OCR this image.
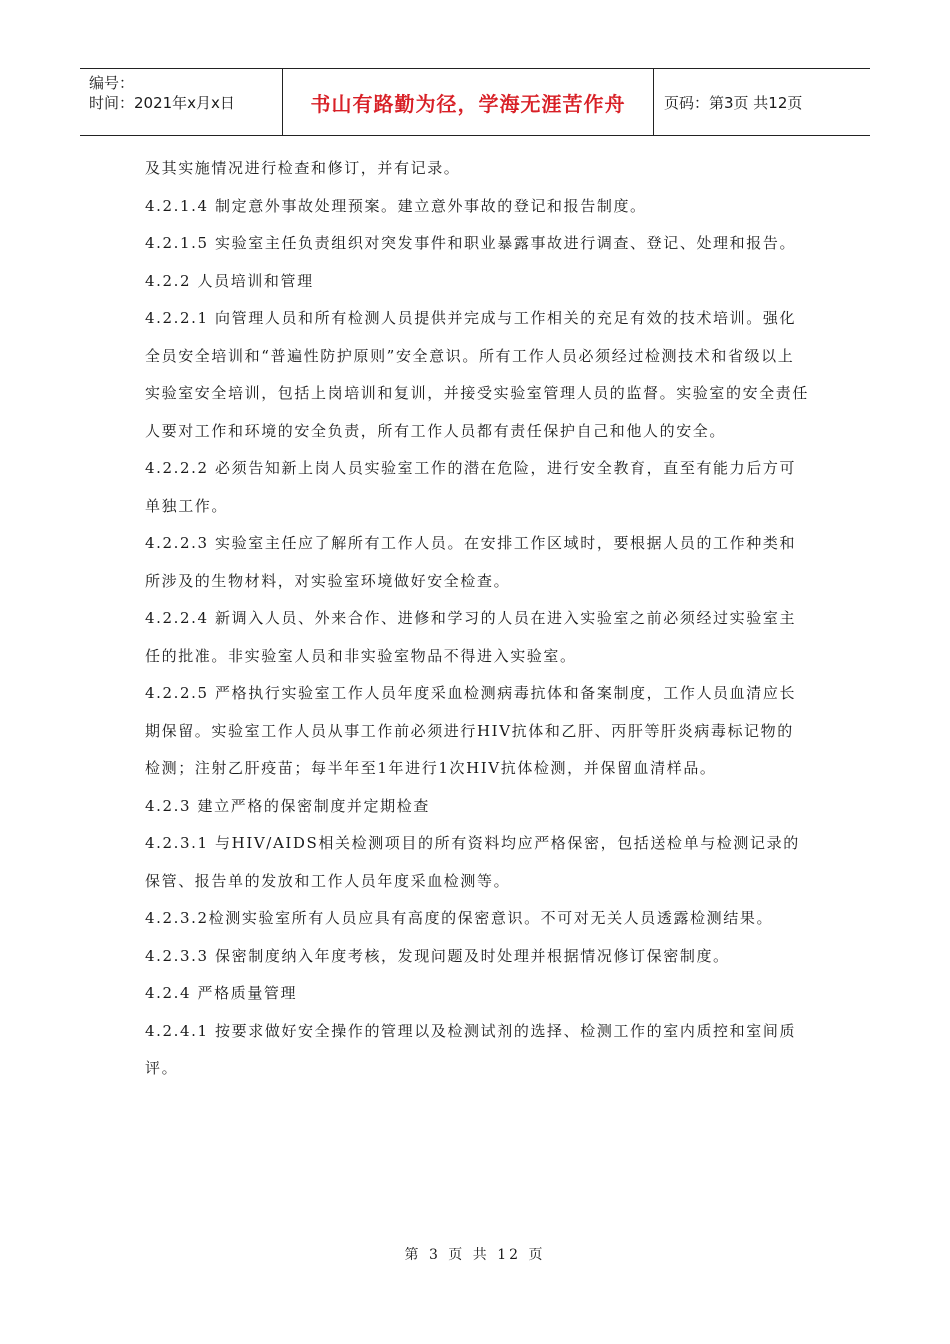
编号：
时间：2021年x月x日	书山有路勤为径，学海无涯苦作舟	页码：第3页 共12页

及其实施情况进行检查和修订，并有记录。

4.2.1.4 制定意外事故处理预案。建立意外事故的登记和报告制度。

4.2.1.5 实验室主任负责组织对突发事件和职业暴露事故进行调查、登记、处理和报告。

4.2.2 人员培训和管理

4.2.2.1 向管理人员和所有检测人员提供并完成与工作相关的充足有效的技术培训。强化全员安全培训和“普遍性防护原则”安全意识。所有工作人员必须经过检测技术和省级以上实验室安全培训，包括上岗培训和复训，并接受实验室管理人员的监督。实验室的安全责任人要对工作和环境的安全负责，所有工作人员都有责任保护自己和他人的安全。

4.2.2.2 必须告知新上岗人员实验室工作的潜在危险，进行安全教育，直至有能力后方可单独工作。

4.2.2.3 实验室主任应了解所有工作人员。在安排工作区域时，要根据人员的工作种类和所涉及的生物材料，对实验室环境做好安全检查。

4.2.2.4 新调入人员、外来合作、进修和学习的人员在进入实验室之前必须经过实验室主任的批准。非实验室人员和非实验室物品不得进入实验室。

4.2.2.5 严格执行实验室工作人员年度采血检测病毒抗体和备案制度，工作人员血清应长期保留。实验室工作人员从事工作前必须进行HIV抗体和乙肝、丙肝等肝炎病毒标记物的检测；注射乙肝疫苗；每半年至1年进行1次HIV抗体检测，并保留血清样品。

4.2.3 建立严格的保密制度并定期检查

4.2.3.1 与HIV/AIDS相关检测项目的所有资料均应严格保密，包括送检单与检测记录的保管、报告单的发放和工作人员年度采血检测等。

4.2.3.2检测实验室所有人员应具有高度的保密意识。不可对无关人员透露检测结果。

4.2.3.3 保密制度纳入年度考核，发现问题及时处理并根据情况修订保密制度。

4.2.4 严格质量管理

4.2.4.1 按要求做好安全操作的管理以及检测试剂的选择、检测工作的室内质控和室间质评。

第 3 页 共 12 页
